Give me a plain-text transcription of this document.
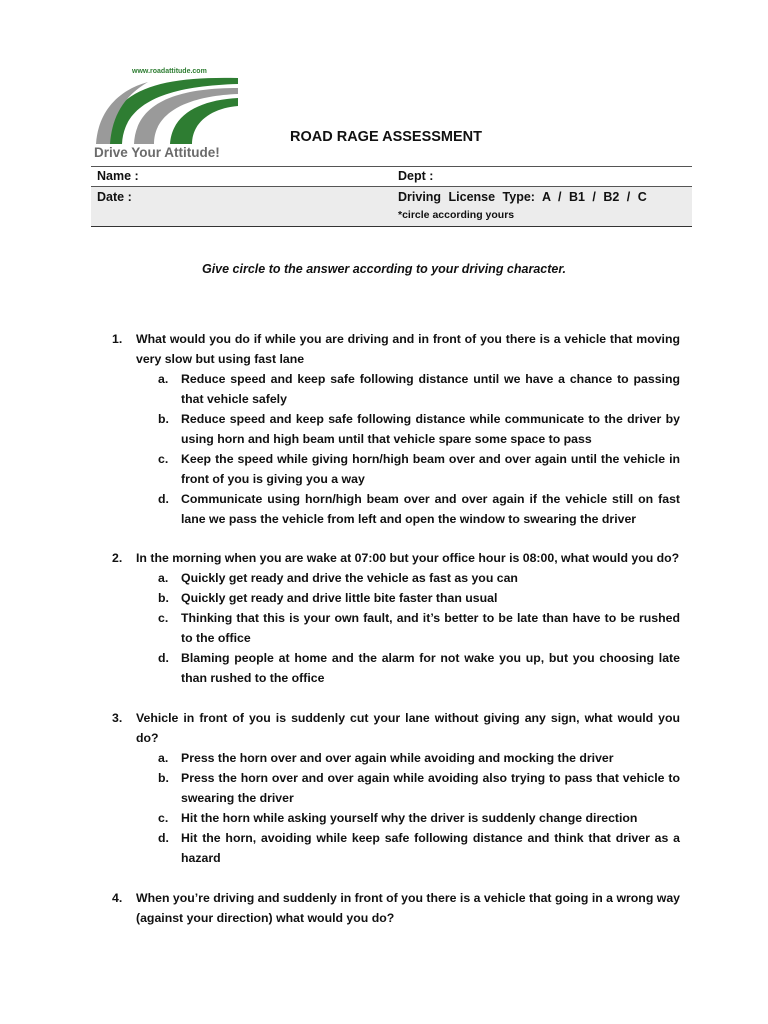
www.roadattitude.com
Drive Your Attitude!
ROAD RAGE ASSESSMENT
Name :	Dept :
Date :	Driving License Type: A / B1 / B2 / C
*circle according yours
Give circle to the answer according to your driving character.
1. What would you do if while you are driving and in front of you there is a vehicle that moving very slow but using fast lane
a. Reduce speed and keep safe following distance until we have a chance to passing that vehicle safely
b. Reduce speed and keep safe following distance while communicate to the driver by using horn and high beam until that vehicle spare some space to pass
c. Keep the speed while giving horn/high beam over and over again until the vehicle in front of you is giving you a way
d. Communicate using horn/high beam over and over again if the vehicle still on fast lane we pass the vehicle from left and open the window to swearing the driver
2. In the morning when you are wake at 07:00 but your office hour is 08:00, what would you do?
a. Quickly get ready and drive the vehicle as fast as you can
b. Quickly get ready and drive little bite faster than usual
c. Thinking that this is your own fault, and it’s better to be late than have to be rushed to the office
d. Blaming people at home and the alarm for not wake you up, but you choosing late than rushed to the office
3. Vehicle in front of you is suddenly cut your lane without giving any sign, what would you do?
a. Press the horn over and over again while avoiding and mocking the driver
b. Press the horn over and over again while avoiding also trying to pass that vehicle to swearing the driver
c. Hit the horn while asking yourself why the driver is suddenly change direction
d. Hit the horn, avoiding while keep safe following distance and think that driver as a hazard
4. When you’re driving and suddenly in front of you there is a vehicle that going in a wrong way (against your direction) what would you do?
